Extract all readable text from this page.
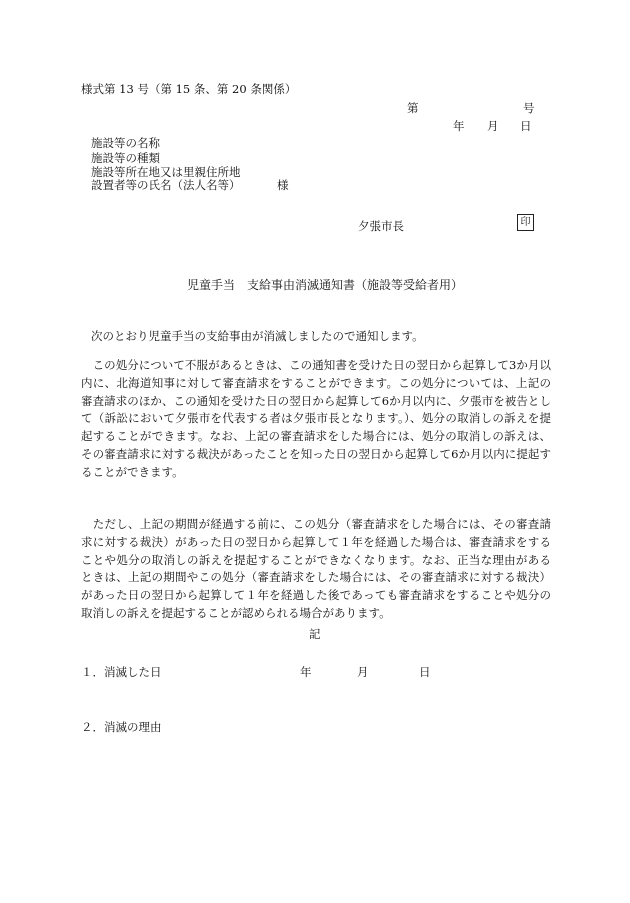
様式第 13 号（第 15 条、第 20 条関係）
第	号
年 月 日
施設等の名称
施設等の種類
施設等所在地又は里親住所地
設置者等の氏名（法人名等）	様
夕張市長	印
児童手当　支給事由消滅通知書（施設等受給者用）
次のとおり児童手当の支給事由が消滅しましたので通知します。

　この処分について不服があるときは、この通知書を受けた日の翌日から起算して3か月以内に、北海道知事に対して審査請求をすることができます。この処分については、上記の審査請求のほか、この通知を受けた日の翌日から起算して6か月以内に、夕張市を被告として（訴訟において夕張市を代表する者は夕張市長となります。）、処分の取消しの訴えを提起することができます。なお、上記の審査請求をした場合には、処分の取消しの訴えは、その審査請求に対する裁決があったことを知った日の翌日から起算して6か月以内に提起することができます。

　ただし、上記の期間が経過する前に、この処分（審査請求をした場合には、その審査請求に対する裁決）があった日の翌日から起算して１年を経過した場合は、審査請求をすることや処分の取消しの訴えを提起することができなくなります。なお、正当な理由があるときは、上記の期間やこの処分（審査請求をした場合には、その審査請求に対する裁決）があった日の翌日から起算して１年を経過した後であっても審査請求をすることや処分の取消しの訴えを提起することが認められる場合があります。

記
１．消滅した日	年	月	日
２．消滅の理由
